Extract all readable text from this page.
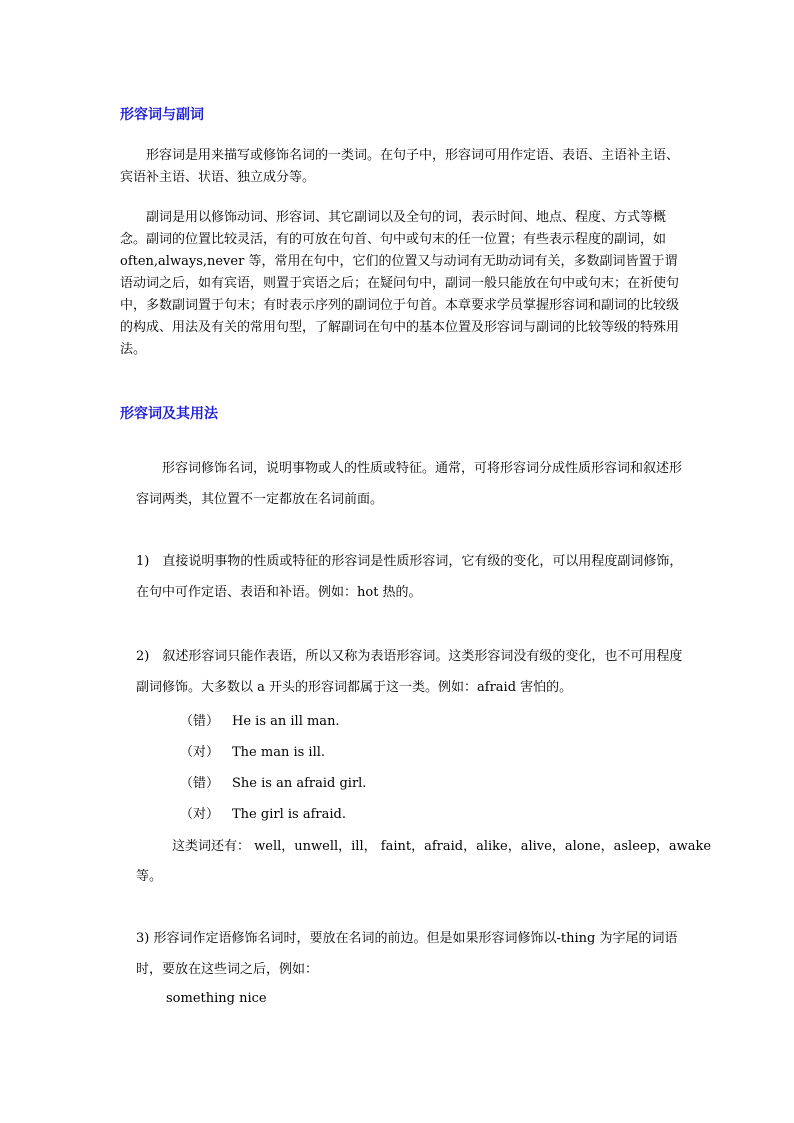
形容词与副词

形容词是用来描写或修饰名词的一类词。在句子中，形容词可用作定语、表语、主语补主语、宾语补主语、状语、独立成分等。

副词是用以修饰动词、形容词、其它副词以及全句的词，表示时间、地点、程度、方式等概念。副词的位置比较灵活，有的可放在句首、句中或句末的任一位置；有些表示程度的副词，如 often,always,never 等，常用在句中，它们的位置又与动词有无助动词有关，多数副词皆置于谓语动词之后，如有宾语，则置于宾语之后；在疑问句中，副词一般只能放在句中或句末；在祈使句中，多数副词置于句末；有时表示序列的副词位于句首。本章要求学员掌握形容词和副词的比较级的构成、用法及有关的常用句型，了解副词在句中的基本位置及形容词与副词的比较等级的特殊用法。

形容词及其用法

形容词修饰名词，说明事物或人的性质或特征。通常，可将形容词分成性质形容词和叙述形容词两类，其位置不一定都放在名词前面。

1)　直接说明事物的性质或特征的形容词是性质形容词，它有级的变化，可以用程度副词修饰，在句中可作定语、表语和补语。例如：hot 热的。

2)　叙述形容词只能作表语，所以又称为表语形容词。这类形容词没有级的变化，也不可用程度副词修饰。大多数以 a 开头的形容词都属于这一类。例如：afraid 害怕的。

（错） He is an ill man.
（对） The man is ill.
（错） She is an afraid girl.
（对） The girl is afraid.
这类词还有： well，unwell，ill， faint，afraid，alike，alive，alone，asleep，awake
等。

3) 形容词作定语修饰名词时，要放在名词的前边。但是如果形容词修饰以-thing 为字尾的词语时，要放在这些词之后，例如：

something nice
